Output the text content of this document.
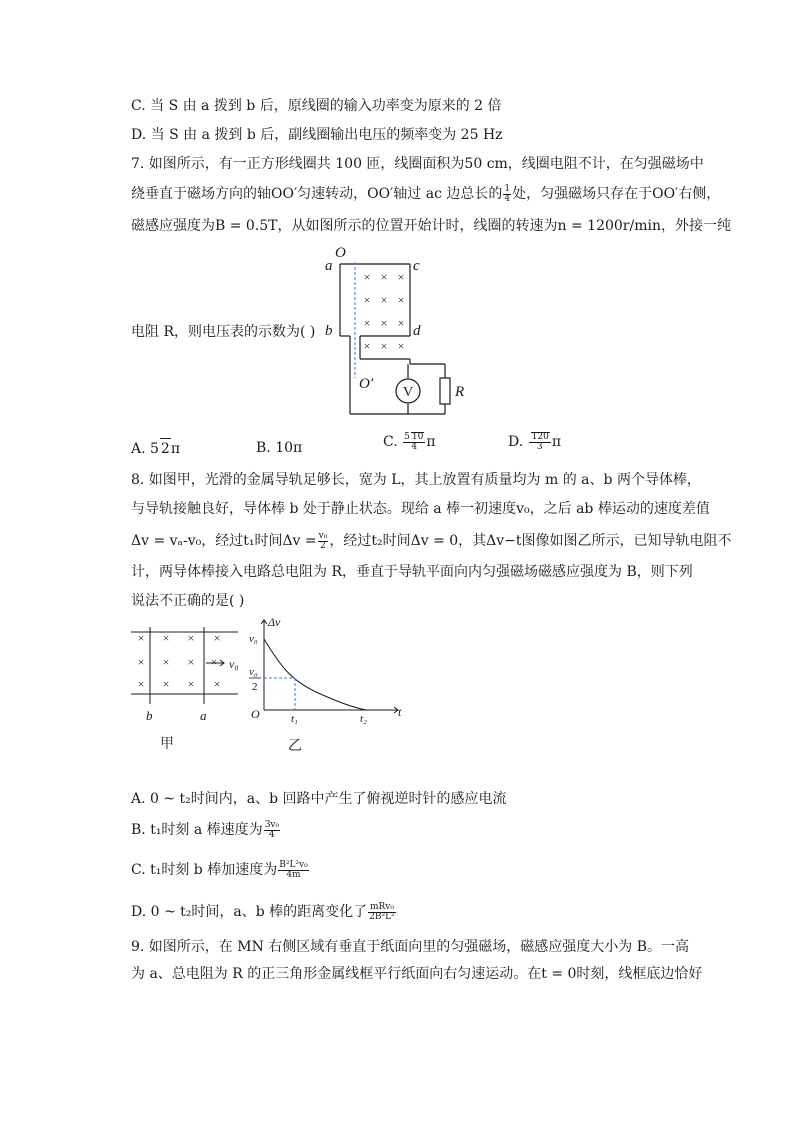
C. 当 S 由 a 拨到 b 后，原线圈的输入功率变为原来的 2 倍
D. 当 S 由 a 拨到 b 后，副线圈输出电压的频率变为 25 Hz
7. 如图所示，有一正方形线圈共 100 匝，线圈面积为50 cm，线圈电阻不计，在匀强磁场中
绕垂直于磁场方向的轴OO′匀速转动，OO′轴过 ac 边总长的 $\frac{1}{4}$ 处，匀强磁场只存在于OO′右侧，
磁感应强度为B = 0.5T，从如图所示的位置开始计时，线圈的转速为n = 1200r/min，外接一纯
电阻 R，则电压表的示数为( )
V	R
O
a	c
b	d
O′
× × ×
× × ×
× × ×
× × ×
A. 5 2π	B. 10π	C. $\frac{5 10}{4}$ π	D. $\frac{120}{3}$ π
8. 如图甲，光滑的金属导轨足够长，宽为 L，其上放置有质量均为 m 的 a、b 两个导体棒，
与导轨接触良好，导体棒 b 处于静止状态。现给 a 棒一初速度v₀，之后 ab 棒运动的速度差值
Δv = vₐ-v₀，经过t₁时间$\Delta v = \frac{\text{v₀}}{2}$ ，经过t₂时间Δv = 0，其Δv−t图像如图乙所示，已知导轨电阻不
计，两导体棒接入电路总电阻为 R，垂直于导轨平面向内匀强磁场磁感应强度为 B，则下列
说法不正确的是( )
× × × ×
× × × ×
× × × ×
v₀
b	a
甲
Δv
t
v₀
v₀
2
O	t₁	t₂
乙
A. 0 ~ t₂时间内，a、b 回路中产生了俯视逆时针的感应电流
B. t₁时刻 a 棒速度为 $\frac{\text{3v₀}}{4}$
C. t₁时刻 b 棒加速度为 $\frac{\text{B²L²v₀}}{4m}$
D. 0 ~ t₂时间，a、b 棒的距离变化了 $\frac{\text{mRv₀}}{\text{2B²L²}}$
9. 如图所示，在 MN 右侧区域有垂直于纸面向里的匀强磁场，磁感应强度大小为 B。一高
为 a、总电阻为 R 的正三角形金属线框平行纸面向右匀速运动。在t = 0时刻，线框底边恰好
